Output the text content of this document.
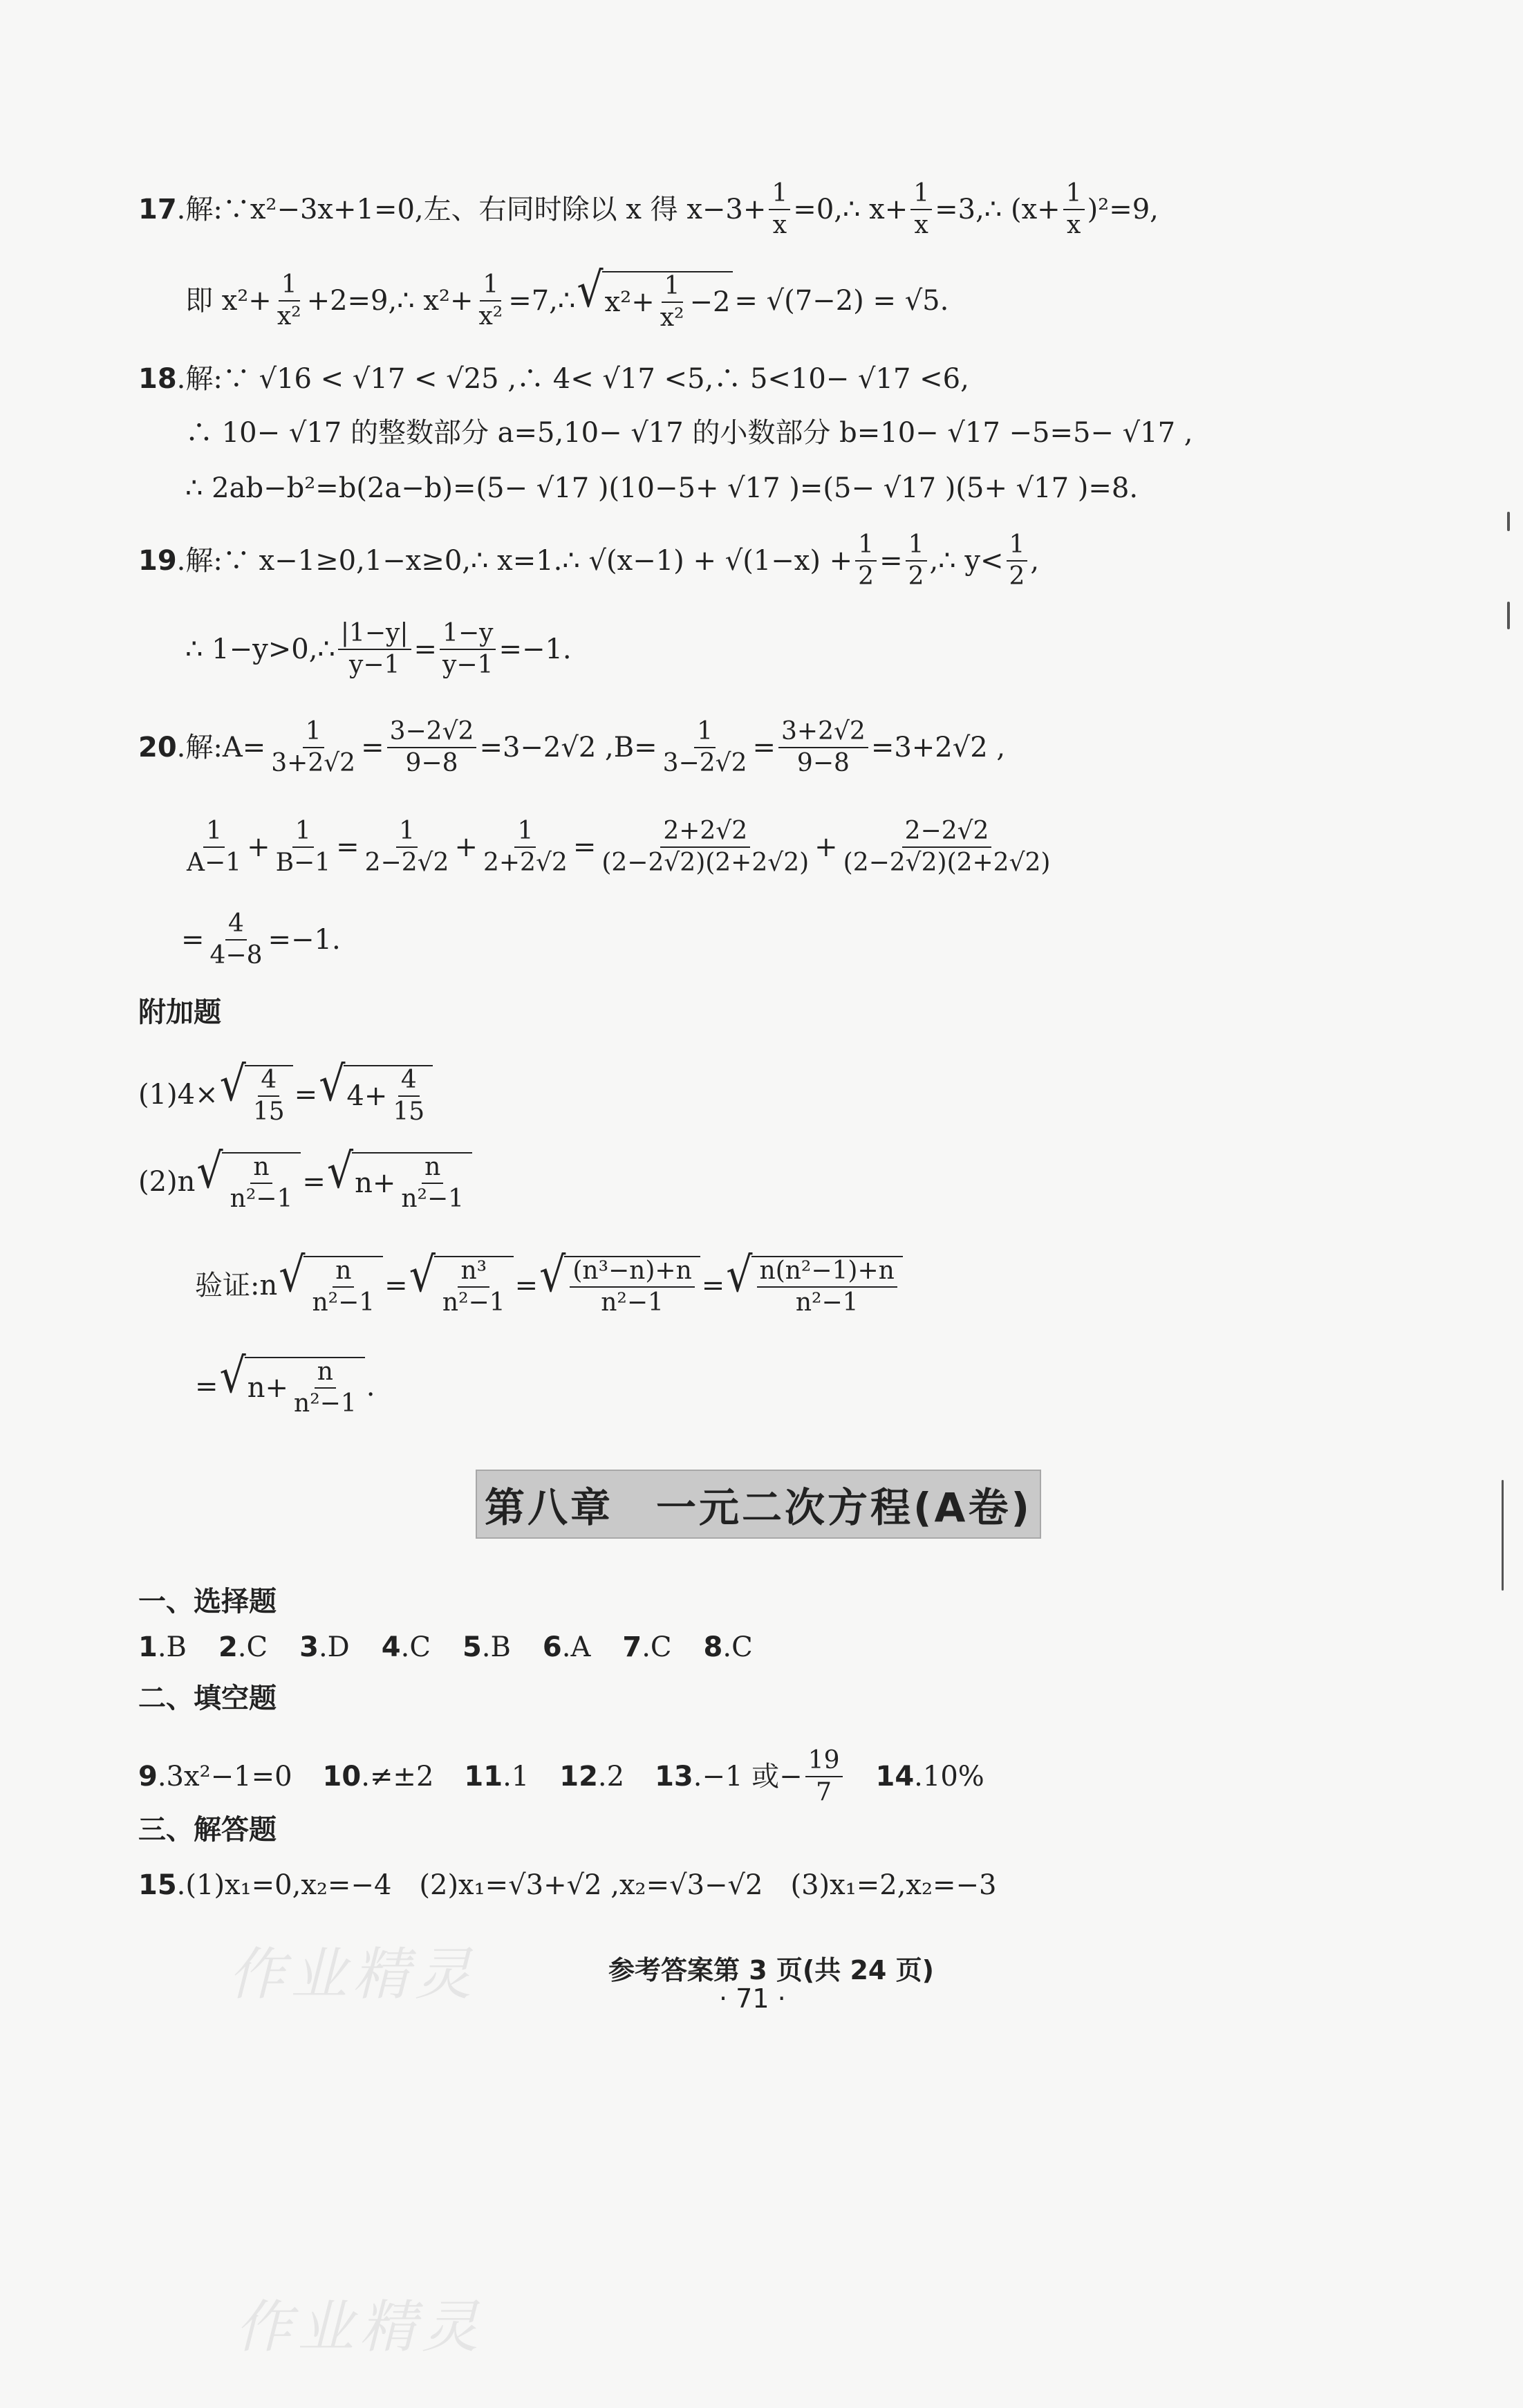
17 .解:∵ x²−3x+1=0,左、右同时除以 x 得 $x-3+ \frac{1}{x}$ =0,∴ $x+ \frac{1}{x}$ =3,∴ $(x+ \frac{1}{x} )^2=9$,
即 $x^2+ \frac{1}{\text{x²}}$ +2=9,∴ $x^2+ \frac{1}{\text{x²}}$ =7,∴ √ $x^2+ \frac{1}{\text{x²}} -2 = √(7-2) = √5$.
18 .解:∵ √16 < √17 < √25 ,∴ 4< √17 <5,∴ 5<10− √17 <6,
∴ 10− √17 的整数部分 a=5,10− √17 的小数部分 b=10− √17 −5=5− √17 ,
∴ 2ab−b²=b(2a−b)=(5− √17 )(10−5+ √17 )=(5− √17 )(5+ √17 )=8.
19 .解:∵ x−1≥0,1−x≥0,∴ x=1.∴ $√(x-1) + √(1-x) + \frac{1}{2} = \frac{1}{2}$ ,∴ $y< \frac{1}{2}$ ,
∴ 1−y>0,∴ $\frac{|1-y|}{y-1} = \frac{1-y}{y-1} =-1$.
20 .解:A= $\frac{1}{3+2√2} = \frac{3-2√2}{9-8} =3-2√2$ $,B= \frac{1}{3-2√2} = \frac{3+2√2}{9-8} =3+2√2$ ,
$\frac{1}{A-1} + \frac{1}{B-1} = \frac{1}{2-2√2} + \frac{1}{2+2√2} = \frac{2+2√2}{(2-2√2)(2+2√2)} + \frac{2-2√2}{(2-2√2)(2+2√2)}$
= $\frac{4}{4-8} =-1$.
附加题
(1)4× √ $\frac{4}{15}$ = √ $4+ \frac{4}{15}$
(2)n √ $\frac{n}{\text{n²−1}}$ = √ $n+ \frac{n}{\text{n²−1}}$
验证:n √ $\frac{n}{\text{n²−1}}$ = √ $\frac{\text{n³}}{\text{n²−1}}$ = √ $\frac{\text{(n³−n)+n}}{\text{n²−1}}$ = √ $\frac{\text{n(n²−1)+n}}{\text{n²−1}}$
= √ $n+ \frac{n}{\text{n²−1}}$ .
第八章　一元二次方程(A卷)
一、选择题
1.B 2.C 3.D 4.C 5.B 6.A 7.C 8.C
二、填空题
9.3x²−1=0 10.≠±2 11.1 12.2 13 .−1 或− $\frac{19}{7} 14.10\%$
三、解答题
15 .(1)x₁=0,x₂=−4　(2)x₁=√3+√2 ,x₂=√3−√2　(3)x₁=2,x₂=−3
参考答案第 3 页(共 24 页)
· 71 ·
作业精灵
作业精灵
